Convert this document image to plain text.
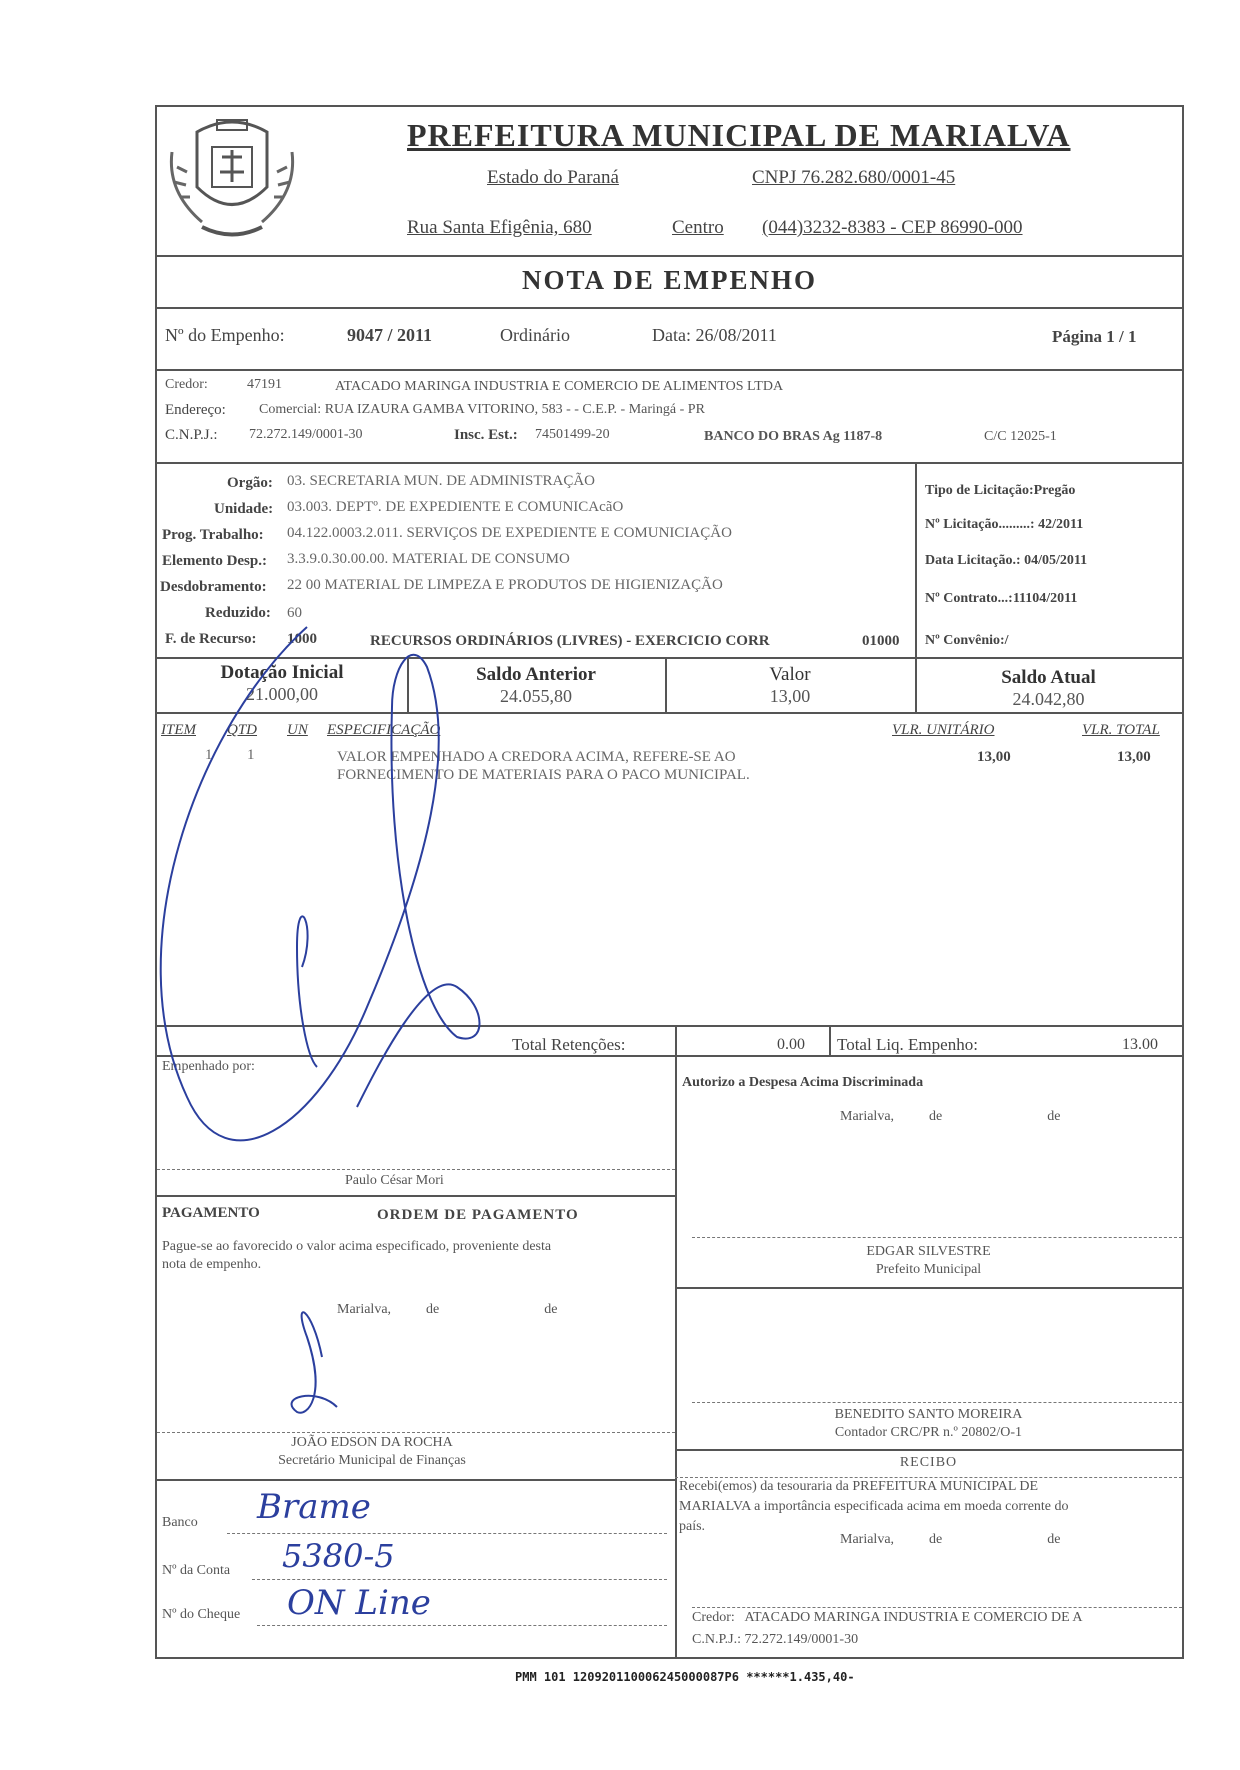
PREFEITURA MUNICIPAL DE MARIALVA
Estado do Paraná	CNPJ 76.282.680/0001-45
Rua Santa Efigênia, 680	Centro (044)3232-8383 - CEP 86990-000
NOTA DE EMPENHO
Nº do Empenho:	9047 / 2011	Ordinário	Data: 26/08/2011	Página 1 / 1
Credor:	47191	ATACADO MARINGA INDUSTRIA E COMERCIO DE ALIMENTOS LTDA
Endereço: Comercial: RUA IZAURA GAMBA VITORINO, 583 - - C.E.P. - Maringá - PR
C.N.P.J.: 72.272.149/0001-30	Insc. Est.: 74501499-20	BANCO DO BRAS Ag 1187-8	C/C 12025-1
Orgão: 03. SECRETARIA MUN. DE ADMINISTRAÇÃO
Unidade: 03.003. DEPTº. DE EXPEDIENTE E COMUNICAcãO
Prog. Trabalho: 04.122.0003.2.011. SERVIÇOS DE EXPEDIENTE E COMUNICIAÇÃO
Elemento Desp.: 3.3.9.0.30.00.00. MATERIAL DE CONSUMO
Desdobramento: 22 00 MATERIAL DE LIMPEZA E PRODUTOS DE HIGIENIZAÇÃO
Reduzido: 60
F. de Recurso: 1000	RECURSOS ORDINÁRIOS (LIVRES) - EXERCICIO CORR	01000
Tipo de Licitação:Pregão
Nº Licitação.........: 42/2011
Data Licitação.: 04/05/2011
Nº Contrato...:11104/2011
Nº Convênio:/
Dotação Inicial
21.000,00
Saldo Anterior
24.055,80
Valor
13,00
Saldo Atual
24.042,80
ITEM QTD UN ESPECIFICAÇÃO	VLR. UNITÁRIO	VLR. TOTAL
1 1	VALOR EMPENHADO A CREDORA ACIMA, REFERE-SE AO
FORNECIMENTO DE MATERIAIS PARA O PACO MUNICIPAL.
13,00	13,00
Total Retenções:	0.00 Total Liq. Empenho:	13.00
Empenhado por:
Paulo César Mori
PAGAMENTO	ORDEM DE PAGAMENTO
Pague-se ao favorecido o valor acima especificado, proveniente desta
nota de empenho.
Marialva,          de                              de
JOÃO EDSON DA ROCHA
Secretário Municipal de Finanças
Banco Brame
Nº da Conta 5380-5
Nº do Cheque ON Line
Autorizo a Despesa Acima Discriminada
Marialva,          de                              de
EDGAR SILVESTRE
Prefeito Municipal
BENEDITO SANTO MOREIRA
Contador CRC/PR n.º 20802/O-1
RECIBO
Recebi(emos) da tesouraria da PREFEITURA MUNICIPAL DE
MARIALVA a importância especificada acima em moeda corrente do
país.
Marialva,          de                              de
Credor:   ATACADO MARINGA INDUSTRIA E COMERCIO DE A
C.N.P.J.: 72.272.149/0001-30
PMM 101 120920110006245000087P6 ******1.435,40-
